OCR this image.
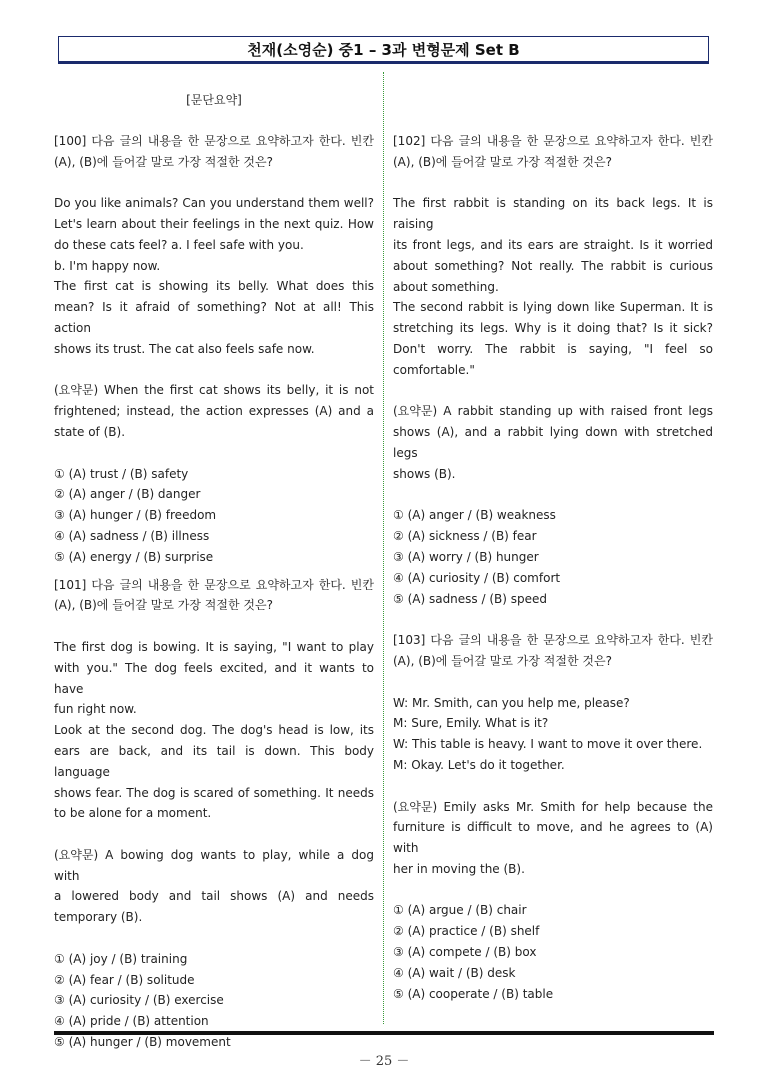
천재(소영순) 중1 – 3과 변형문제 Set B
[문단요약]
[100] 다음 글의 내용을 한 문장으로 요약하고자 한다. 빈칸
(A), (B)에 들어갈 말로 가장 적절한 것은?
Do you like animals? Can you understand them well?
Let's learn about their feelings in the next quiz. How
do these cats feel? a. I feel safe with you.
b. I'm happy now.
The first cat is showing its belly. What does this
mean? Is it afraid of something? Not at all! This action
shows its trust. The cat also feels safe now.
(요약문) When the first cat shows its belly, it is not
frightened; instead, the action expresses (A) and a
state of (B).
① (A) trust / (B) safety
② (A) anger / (B) danger
③ (A) hunger / (B) freedom
④ (A) sadness / (B) illness
⑤ (A) energy / (B) surprise
[101] 다음 글의 내용을 한 문장으로 요약하고자 한다. 빈칸
(A), (B)에 들어갈 말로 가장 적절한 것은?
The first dog is bowing. It is saying, "I want to play
with you." The dog feels excited, and it wants to have
fun right now.
Look at the second dog. The dog's head is low, its
ears are back, and its tail is down. This body language
shows fear. The dog is scared of something. It needs
to be alone for a moment.
(요약문) A bowing dog wants to play, while a dog with
a lowered body and tail shows (A) and needs
temporary (B).
① (A) joy / (B) training
② (A) fear / (B) solitude
③ (A) curiosity / (B) exercise
④ (A) pride / (B) attention
⑤ (A) hunger / (B) movement
[102] 다음 글의 내용을 한 문장으로 요약하고자 한다. 빈칸
(A), (B)에 들어갈 말로 가장 적절한 것은?
The first rabbit is standing on its back legs. It is raising
its front legs, and its ears are straight. Is it worried
about something? Not really. The rabbit is curious
about something.
The second rabbit is lying down like Superman. It is
stretching its legs. Why is it doing that? Is it sick?
Don't worry. The rabbit is saying, "I feel so
comfortable."
(요약문) A rabbit standing up with raised front legs
shows (A), and a rabbit lying down with stretched legs
shows (B).
① (A) anger / (B) weakness
② (A) sickness / (B) fear
③ (A) worry / (B) hunger
④ (A) curiosity / (B) comfort
⑤ (A) sadness / (B) speed
[103] 다음 글의 내용을 한 문장으로 요약하고자 한다. 빈칸
(A), (B)에 들어갈 말로 가장 적절한 것은?
W: Mr. Smith, can you help me, please?
M: Sure, Emily. What is it?
W: This table is heavy. I want to move it over there.
M: Okay. Let's do it together.
(요약문) Emily asks Mr. Smith for help because the
furniture is difficult to move, and he agrees to (A) with
her in moving the (B).
① (A) argue / (B) chair
② (A) practice / (B) shelf
③ (A) compete / (B) box
④ (A) wait / (B) desk
⑤ (A) cooperate / (B) table
－ 25 －
